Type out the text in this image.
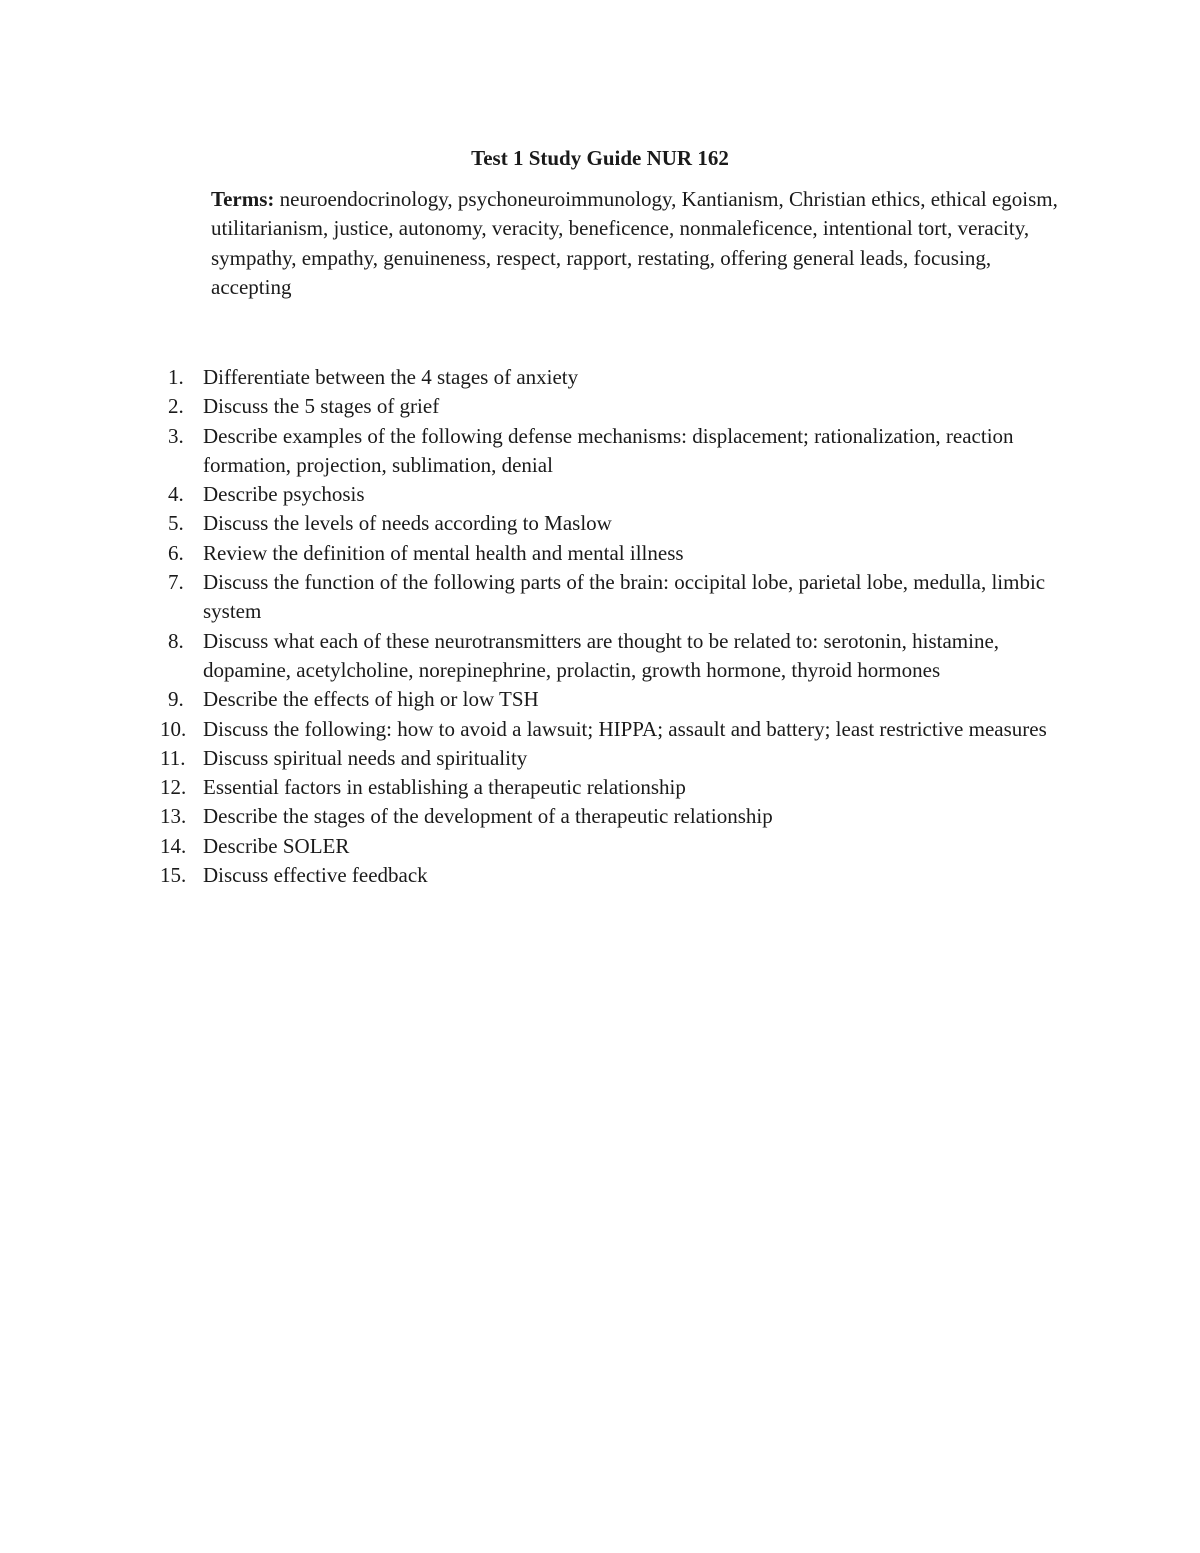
Test 1 Study Guide NUR 162

Terms: neuroendocrinology, psychoneuroimmunology, Kantianism, Christian ethics, ethical egoism, utilitarianism, justice, autonomy, veracity, beneficence, nonmaleficence, intentional tort, veracity, sympathy, empathy, genuineness, respect, rapport, restating, offering general leads, focusing, accepting

1. Differentiate between the 4 stages of anxiety
2. Discuss the 5 stages of grief
3. Describe examples of the following defense mechanisms: displacement; rationalization, reaction formation, projection, sublimation, denial
4. Describe psychosis
5. Discuss the levels of needs according to Maslow
6. Review the definition of mental health and mental illness
7. Discuss the function of the following parts of the brain: occipital lobe, parietal lobe, medulla, limbic system
8. Discuss what each of these neurotransmitters are thought to be related to: serotonin, histamine, dopamine, acetylcholine, norepinephrine, prolactin, growth hormone, thyroid hormones
9. Describe the effects of high or low TSH
10. Discuss the following: how to avoid a lawsuit; HIPPA; assault and battery; least restrictive measures
11. Discuss spiritual needs and spirituality
12. Essential factors in establishing a therapeutic relationship
13. Describe the stages of the development of a therapeutic relationship
14. Describe SOLER
15. Discuss effective feedback
